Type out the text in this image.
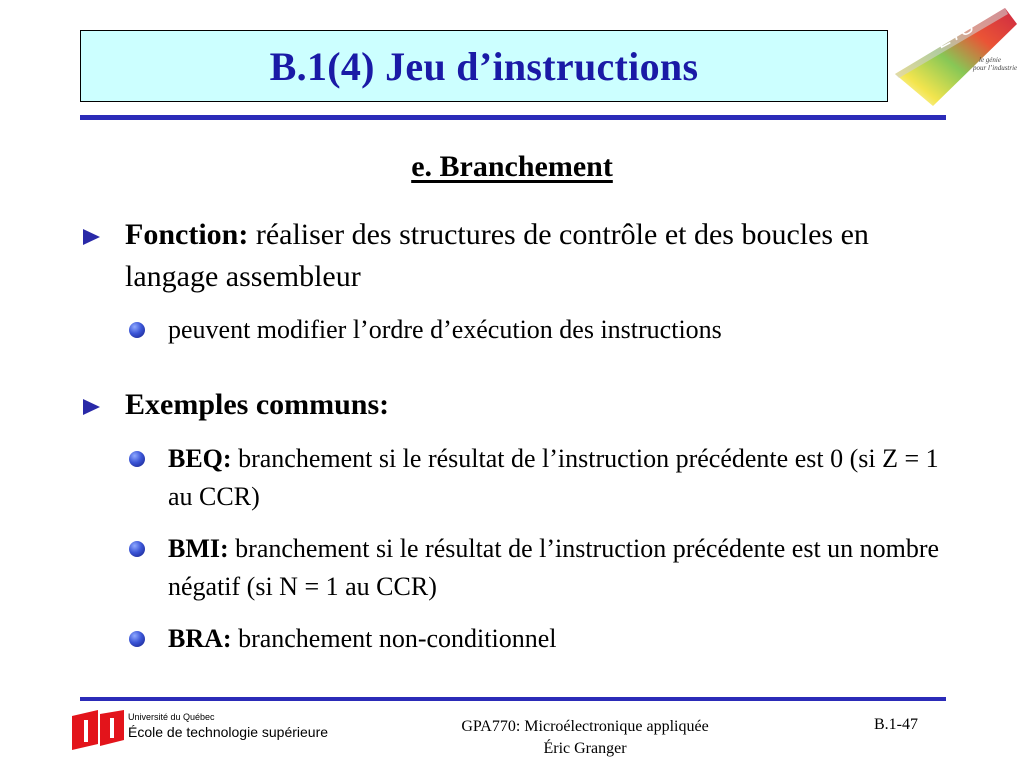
B.1(4) Jeu d’instructions
ÉTS
le génie
pour l’industrie
e. Branchement
Fonction: réaliser des structures de contrôle et des boucles en langage assembleur
peuvent modifier l’ordre d’exécution des instructions
Exemples communs:
BEQ: branchement si le résultat de l’instruction précédente est 0 (si Z = 1 au CCR)
BMI: branchement si le résultat de l’instruction précédente est un nombre négatif (si N = 1 au CCR)
BRA: branchement non-conditionnel
Université du Québec
École de technologie supérieure	GPA770: Microélectronique appliquée
Éric Granger
B.1-47
